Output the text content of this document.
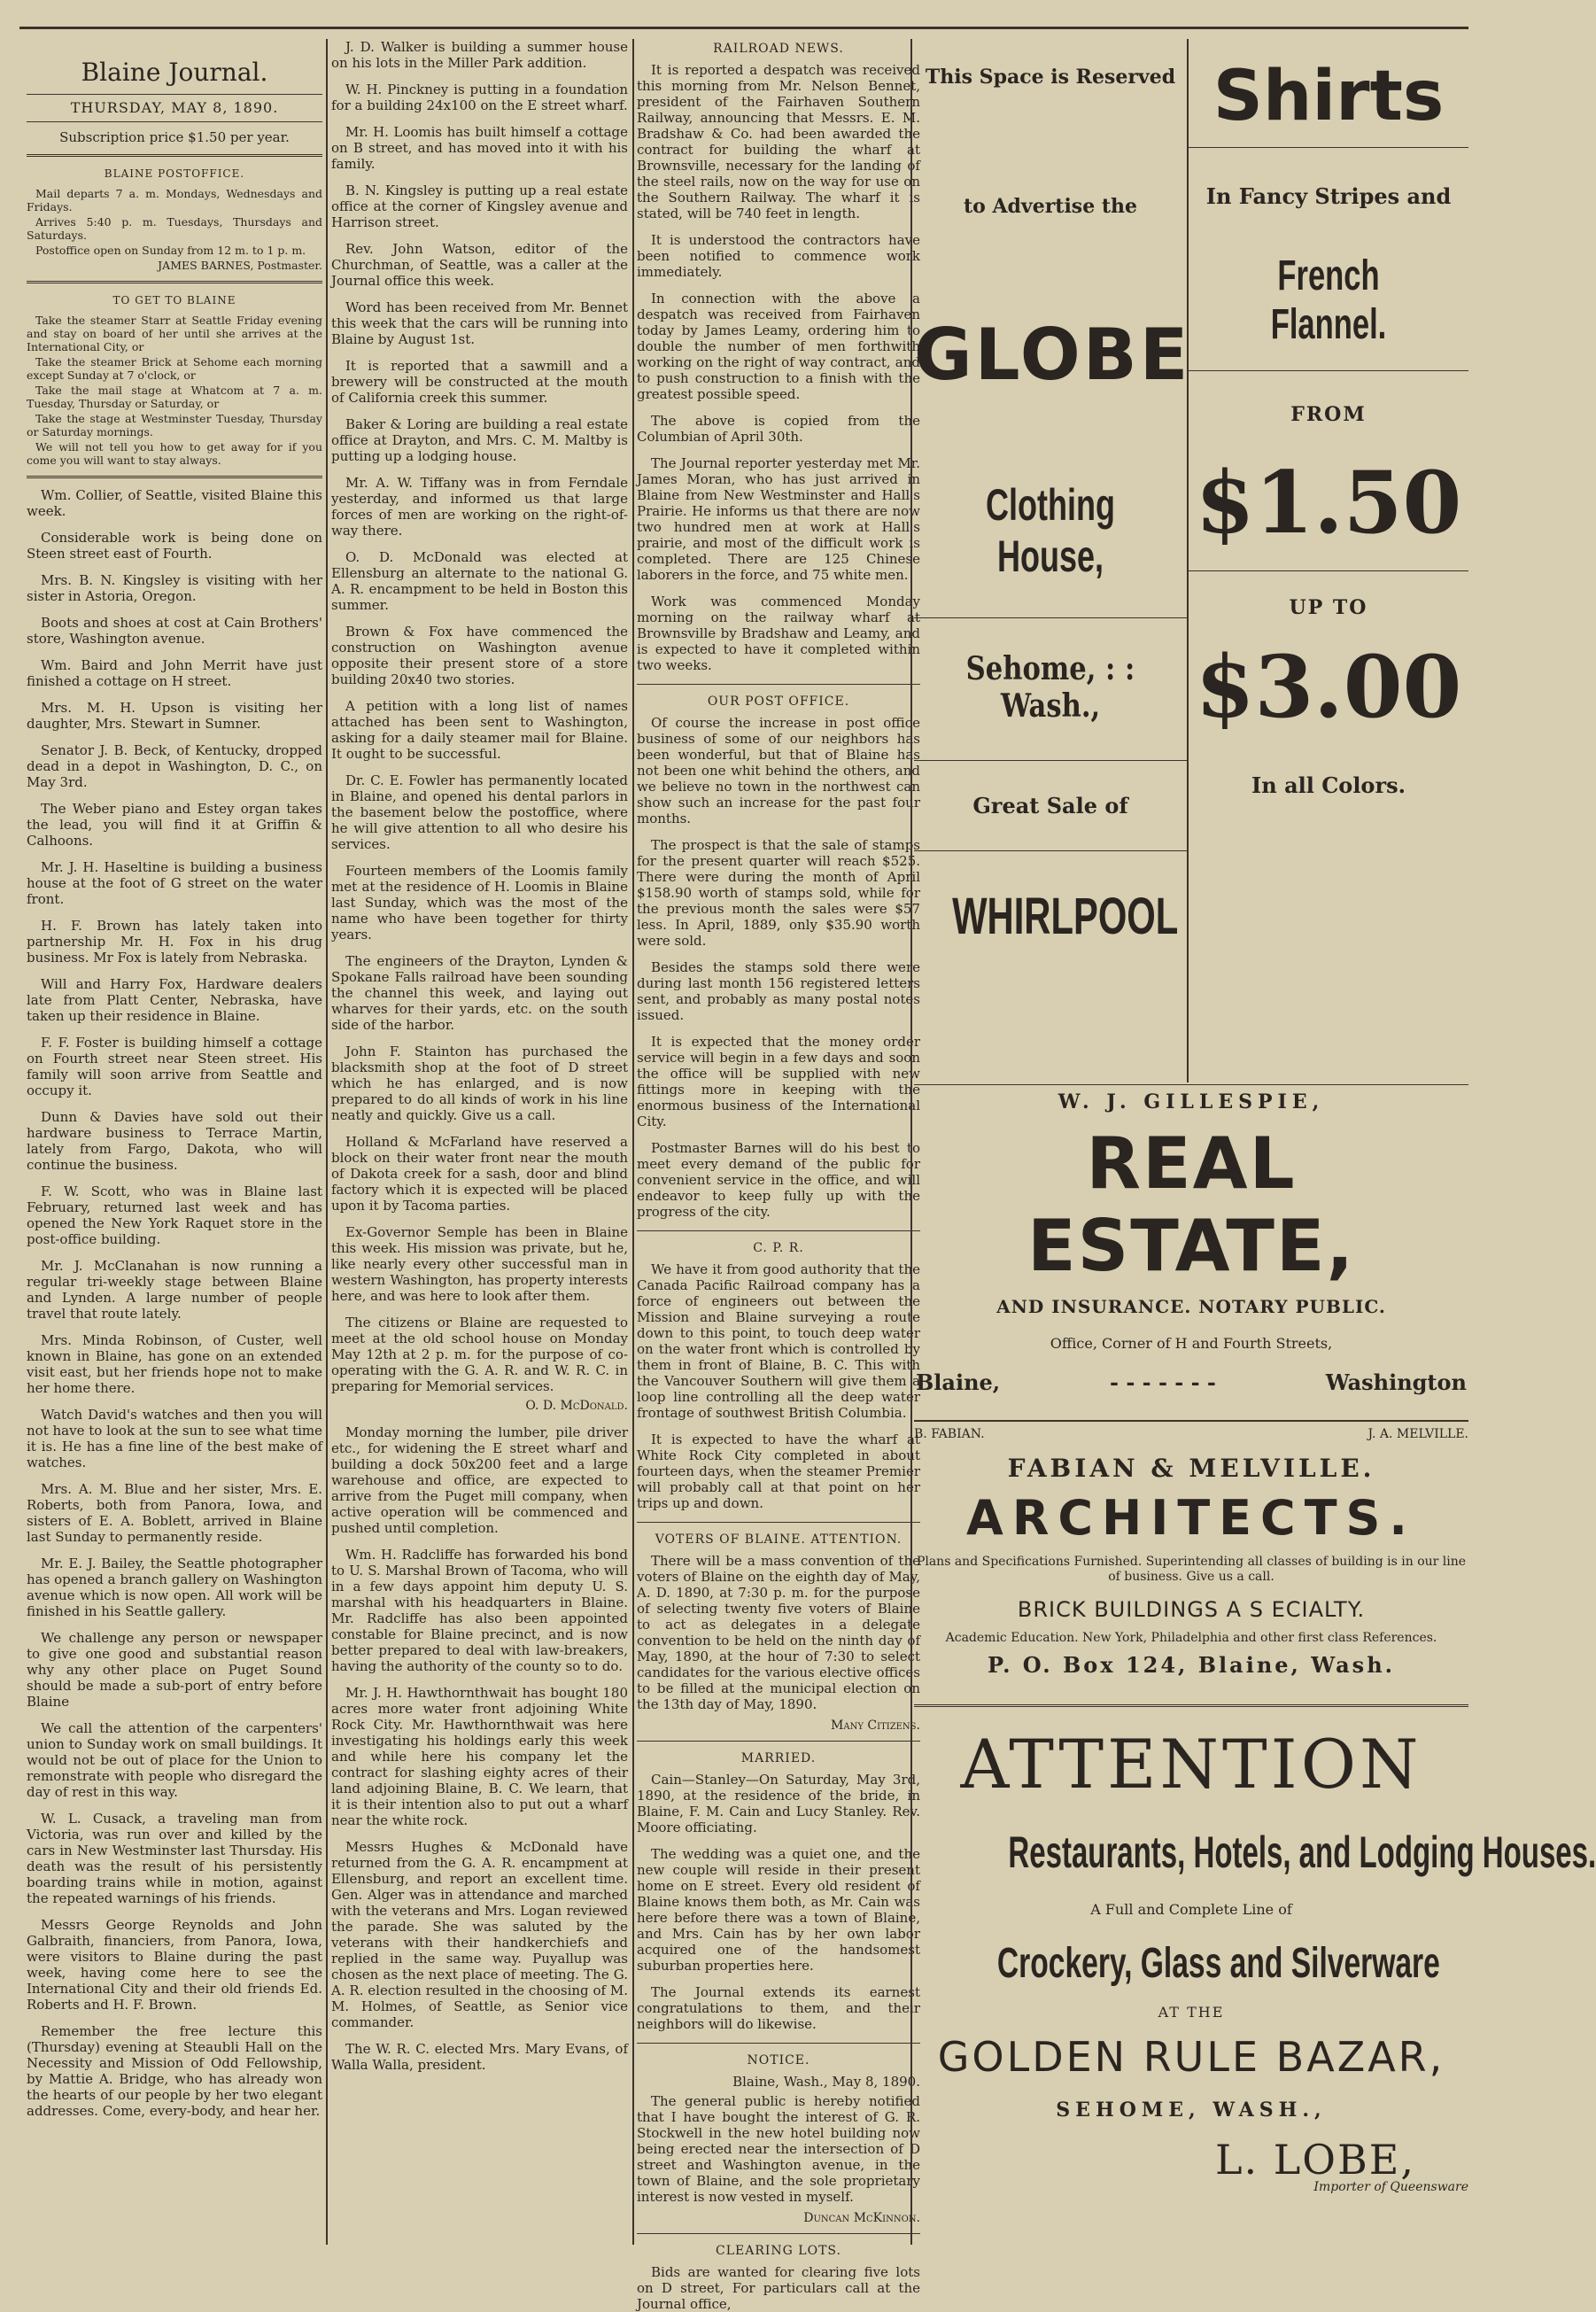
Blaine Journal.
THURSDAY, MAY 8, 1890.
Subscription price $1.50 per year.
BLAINE POSTOFFICE.

Mail departs 7 a. m. Mondays, Wednesdays and Fridays.

Arrives 5:40 p. m. Tuesdays, Thursdays and Saturdays.

Postoffice open on Sunday from 12 m. to 1 p. m.

JAMES BARNES, Postmaster.

TO GET TO BLAINE

Take the steamer Starr at Seattle Friday evening and stay on board of her until she arrives at the International City, or

Take the steamer Brick at Sehome each morning except Sunday at 7 o'clock, or

Take the mail stage at Whatcom at 7 a. m. Tuesday, Thursday or Saturday, or

Take the stage at Westminster Tuesday, Thursday or Saturday mornings.

We will not tell you how to get away for if you come you will want to stay always.

Wm. Collier, of Seattle, visited Blaine this week.

Considerable work is being done on Steen street east of Fourth.

Mrs. B. N. Kingsley is visiting with her sister in Astoria, Oregon.

Boots and shoes at cost at Cain Brothers' store, Washington avenue.

Wm. Baird and John Merrit have just finished a cottage on H street.

Mrs. M. H. Upson is visiting her daughter, Mrs. Stewart in Sumner.

Senator J. B. Beck, of Kentucky, dropped dead in a depot in Washington, D. C., on May 3rd.

The Weber piano and Estey organ takes the lead, you will find it at Griffin & Calhoons.

Mr. J. H. Haseltine is building a business house at the foot of G street on the water front.

H. F. Brown has lately taken into partnership Mr. H. Fox in his drug business. Mr Fox is lately from Nebraska.

Will and Harry Fox, Hardware dealers late from Platt Center, Nebraska, have taken up their residence in Blaine.

F. F. Foster is building himself a cottage on Fourth street near Steen street. His family will soon arrive from Seattle and occupy it.

Dunn & Davies have sold out their hardware business to Terrace Martin, lately from Fargo, Dakota, who will continue the business.

F. W. Scott, who was in Blaine last February, returned last week and has opened the New York Raquet store in the post-office building.

Mr. J. McClanahan is now running a regular tri-weekly stage between Blaine and Lynden. A large number of people travel that route lately.

Mrs. Minda Robinson, of Custer, well known in Blaine, has gone on an extended visit east, but her friends hope not to make her home there.

Watch David's watches and then you will not have to look at the sun to see what time it is. He has a fine line of the best make of watches.

Mrs. A. M. Blue and her sister, Mrs. E. Roberts, both from Panora, Iowa, and sisters of E. A. Boblett, arrived in Blaine last Sunday to permanently reside.

Mr. E. J. Bailey, the Seattle photographer has opened a branch gallery on Washington avenue which is now open. All work will be finished in his Seattle gallery.

We challenge any person or newspaper to give one good and substantial reason why any other place on Puget Sound should be made a sub-port of entry before Blaine

We call the attention of the carpenters' union to Sunday work on small buildings. It would not be out of place for the Union to remonstrate with people who disregard the day of rest in this way.

W. L. Cusack, a traveling man from Victoria, was run over and killed by the cars in New Westminster last Thursday. His death was the result of his persistently boarding trains while in motion, against the repeated warnings of his friends.

Messrs George Reynolds and John Galbraith, financiers, from Panora, Iowa, were visitors to Blaine during the past week, having come here to see the International City and their old friends Ed. Roberts and H. F. Brown.

Remember the free lecture this (Thursday) evening at Steaubli Hall on the Necessity and Mission of Odd Fellowship, by Mattie A. Bridge, who has already won the hearts of our people by her two elegant addresses. Come, every-body, and hear her.

J. D. Walker is building a summer house on his lots in the Miller Park addition.

W. H. Pinckney is putting in a foundation for a building 24x100 on the E street wharf.

Mr. H. Loomis has built himself a cottage on B street, and has moved into it with his family.

B. N. Kingsley is putting up a real estate office at the corner of Kingsley avenue and Harrison street.

Rev. John Watson, editor of the Churchman, of Seattle, was a caller at the Journal office this week.

Word has been received from Mr. Bennet this week that the cars will be running into Blaine by August 1st.

It is reported that a sawmill and a brewery will be constructed at the mouth of California creek this summer.

Baker & Loring are building a real estate office at Drayton, and Mrs. C. M. Maltby is putting up a lodging house.

Mr. A. W. Tiffany was in from Ferndale yesterday, and informed us that large forces of men are working on the right-of-way there.

O. D. McDonald was elected at Ellensburg an alternate to the national G. A. R. encampment to be held in Boston this summer.

Brown & Fox have commenced the construction on Washington avenue opposite their present store of a store building 20x40 two stories.

A petition with a long list of names attached has been sent to Washington, asking for a daily steamer mail for Blaine. It ought to be successful.

Dr. C. E. Fowler has permanently located in Blaine, and opened his dental parlors in the basement below the postoffice, where he will give attention to all who desire his services.

Fourteen members of the Loomis family met at the residence of H. Loomis in Blaine last Sunday, which was the most of the name who have been together for thirty years.

The engineers of the Drayton, Lynden & Spokane Falls railroad have been sounding the channel this week, and laying out wharves for their yards, etc. on the south side of the harbor.

John F. Stainton has purchased the blacksmith shop at the foot of D street which he has enlarged, and is now prepared to do all kinds of work in his line neatly and quickly. Give us a call.

Holland & McFarland have reserved a block on their water front near the mouth of Dakota creek for a sash, door and blind factory which it is expected will be placed upon it by Tacoma parties.

Ex-Governor Semple has been in Blaine this week. His mission was private, but he, like nearly every other successful man in western Washington, has property interests here, and was here to look after them.

The citizens or Blaine are requested to meet at the old school house on Monday May 12th at 2 p. m. for the purpose of co-operating with the G. A. R. and W. R. C. in preparing for Memorial services.

O. D. McDonald.

Monday morning the lumber, pile driver etc., for widening the E street wharf and building a dock 50x200 feet and a large warehouse and office, are expected to arrive from the Puget mill company, when active operation will be commenced and pushed until completion.

Wm. H. Radcliffe has forwarded his bond to U. S. Marshal Brown of Tacoma, who will in a few days appoint him deputy U. S. marshal with his headquarters in Blaine. Mr. Radcliffe has also been appointed constable for Blaine precinct, and is now better prepared to deal with law-breakers, having the authority of the county so to do.

Mr. J. H. Hawthornthwait has bought 180 acres more water front adjoining White Rock City. Mr. Hawthornthwait was here investigating his holdings early this week and while here his company let the contract for slashing eighty acres of their land adjoining Blaine, B. C. We learn, that it is their intention also to put out a wharf near the white rock.

Messrs Hughes & McDonald have returned from the G. A. R. encampment at Ellensburg, and report an excellent time. Gen. Alger was in attendance and marched with the veterans and Mrs. Logan reviewed the parade. She was saluted by the veterans with their handkerchiefs and replied in the same way. Puyallup was chosen as the next place of meeting. The G. A. R. election resulted in the choosing of M. M. Holmes, of Seattle, as Senior vice commander.

The W. R. C. elected Mrs. Mary Evans, of Walla Walla, president.

RAILROAD NEWS.

It is reported a despatch was received this morning from Mr. Nelson Bennet, president of the Fairhaven Southern Railway, announcing that Messrs. E. M. Bradshaw & Co. had been awarded the contract for building the wharf at Brownsville, necessary for the landing of the steel rails, now on the way for use on the Southern Railway. The wharf it is stated, will be 740 feet in length.

It is understood the contractors have been notified to commence work immediately.

In connection with the above a despatch was received from Fairhaven today by James Leamy, ordering him to double the number of men forthwith working on the right of way contract, and to push construction to a finish with the greatest possible speed.

The above is copied from the Columbian of April 30th.

The Journal reporter yesterday met Mr. James Moran, who has just arrived in Blaine from New Westminster and Hall's Prairie. He informs us that there are now two hundred men at work at Hall's prairie, and most of the difficult work is completed. There are 125 Chinese laborers in the force, and 75 white men.

Work was commenced Monday morning on the railway wharf at Brownsville by Bradshaw and Leamy, and is expected to have it completed within two weeks.

OUR POST OFFICE.

Of course the increase in post office business of some of our neighbors has been wonderful, but that of Blaine has not been one whit behind the others, and we believe no town in the northwest can show such an increase for the past four months.

The prospect is that the sale of stamps for the present quarter will reach $525. There were during the month of April $158.90 worth of stamps sold, while for the previous month the sales were $57 less. In April, 1889, only $35.90 worth were sold.

Besides the stamps sold there were during last month 156 registered letters sent, and probably as many postal notes issued.

It is expected that the money order service will begin in a few days and soon the office will be supplied with new fittings more in keeping with the enormous business of the International City.

Postmaster Barnes will do his best to meet every demand of the public for convenient service in the office, and will endeavor to keep fully up with the progress of the city.

C. P. R.

We have it from good authority that the Canada Pacific Railroad company has a force of engineers out between the Mission and Blaine surveying a route down to this point, to touch deep water on the water front which is controlled by them in front of Blaine, B. C. This with the Vancouver Southern will give them a loop line controlling all the deep water frontage of southwest British Columbia.

It is expected to have the wharf at White Rock City completed in about fourteen days, when the steamer Premier will probably call at that point on her trips up and down.

VOTERS OF BLAINE. ATTENTION.

There will be a mass convention of the voters of Blaine on the eighth day of May, A. D. 1890, at 7:30 p. m. for the purpose of selecting twenty five voters of Blaine to act as delegates in a delegate convention to be held on the ninth day of May, 1890, at the hour of 7:30 to select candidates for the various elective offices to be filled at the municipal election on the 13th day of May, 1890.

Many Citizens.
MARRIED.

Cain—Stanley—On Saturday, May 3rd, 1890, at the residence of the bride, in Blaine, F. M. Cain and Lucy Stanley. Rev. Moore officiating.

The wedding was a quiet one, and the new couple will reside in their present home on E street. Every old resident of Blaine knows them both, as Mr. Cain was here before there was a town of Blaine, and Mrs. Cain has by her own labor acquired one of the handsomest suburban properties here.

The Journal extends its earnest congratulations to them, and their neighbors will do likewise.

NOTICE.
Blaine, Wash., May 8, 1890.

The general public is hereby notified that I have bought the interest of G. R. Stockwell in the new hotel building now being erected near the intersection of D street and Washington avenue, in the town of Blaine, and the sole proprietary interest is now vested in myself.

Duncan McKinnon.
CLEARING LOTS.

Bids are wanted for clearing five lots on D street, For particulars call at the Journal office,

This Space is Reserved
to Advertise the
GLOBE
Clothing House,
Sehome, : : Wash.,
Great Sale of
WHIRLPOOL
Shirts
In Fancy Stripes and
French Flannel.
FROM
$1.50
UP TO
$3.00
In all Colors.
W. J. GILLESPIE,
REAL ESTATE,
AND INSURANCE. NOTARY PUBLIC.
Office, Corner of H and Fourth Streets,
Blaine,	- - - - - - -	Washington
B. FABIAN.	J. A. MELVILLE.
FABIAN & MELVILLE.
ARCHITECTS.
Plans and Specifications Furnished. Superintending all classes of building is in our line of business. Give us a call.
BRICK BUILDINGS A S ECIALTY.
Academic Education. New York, Philadelphia and other first class References.
P. O. Box 124, Blaine, Wash.
ATTENTION
Restaurants, Hotels, and Lodging Houses.
A Full and Complete Line of
Crockery, Glass and Silverware
AT THE
GOLDEN RULE BAZAR,
SEHOME, WASH.,
L. LOBE,
Importer of Queensware
